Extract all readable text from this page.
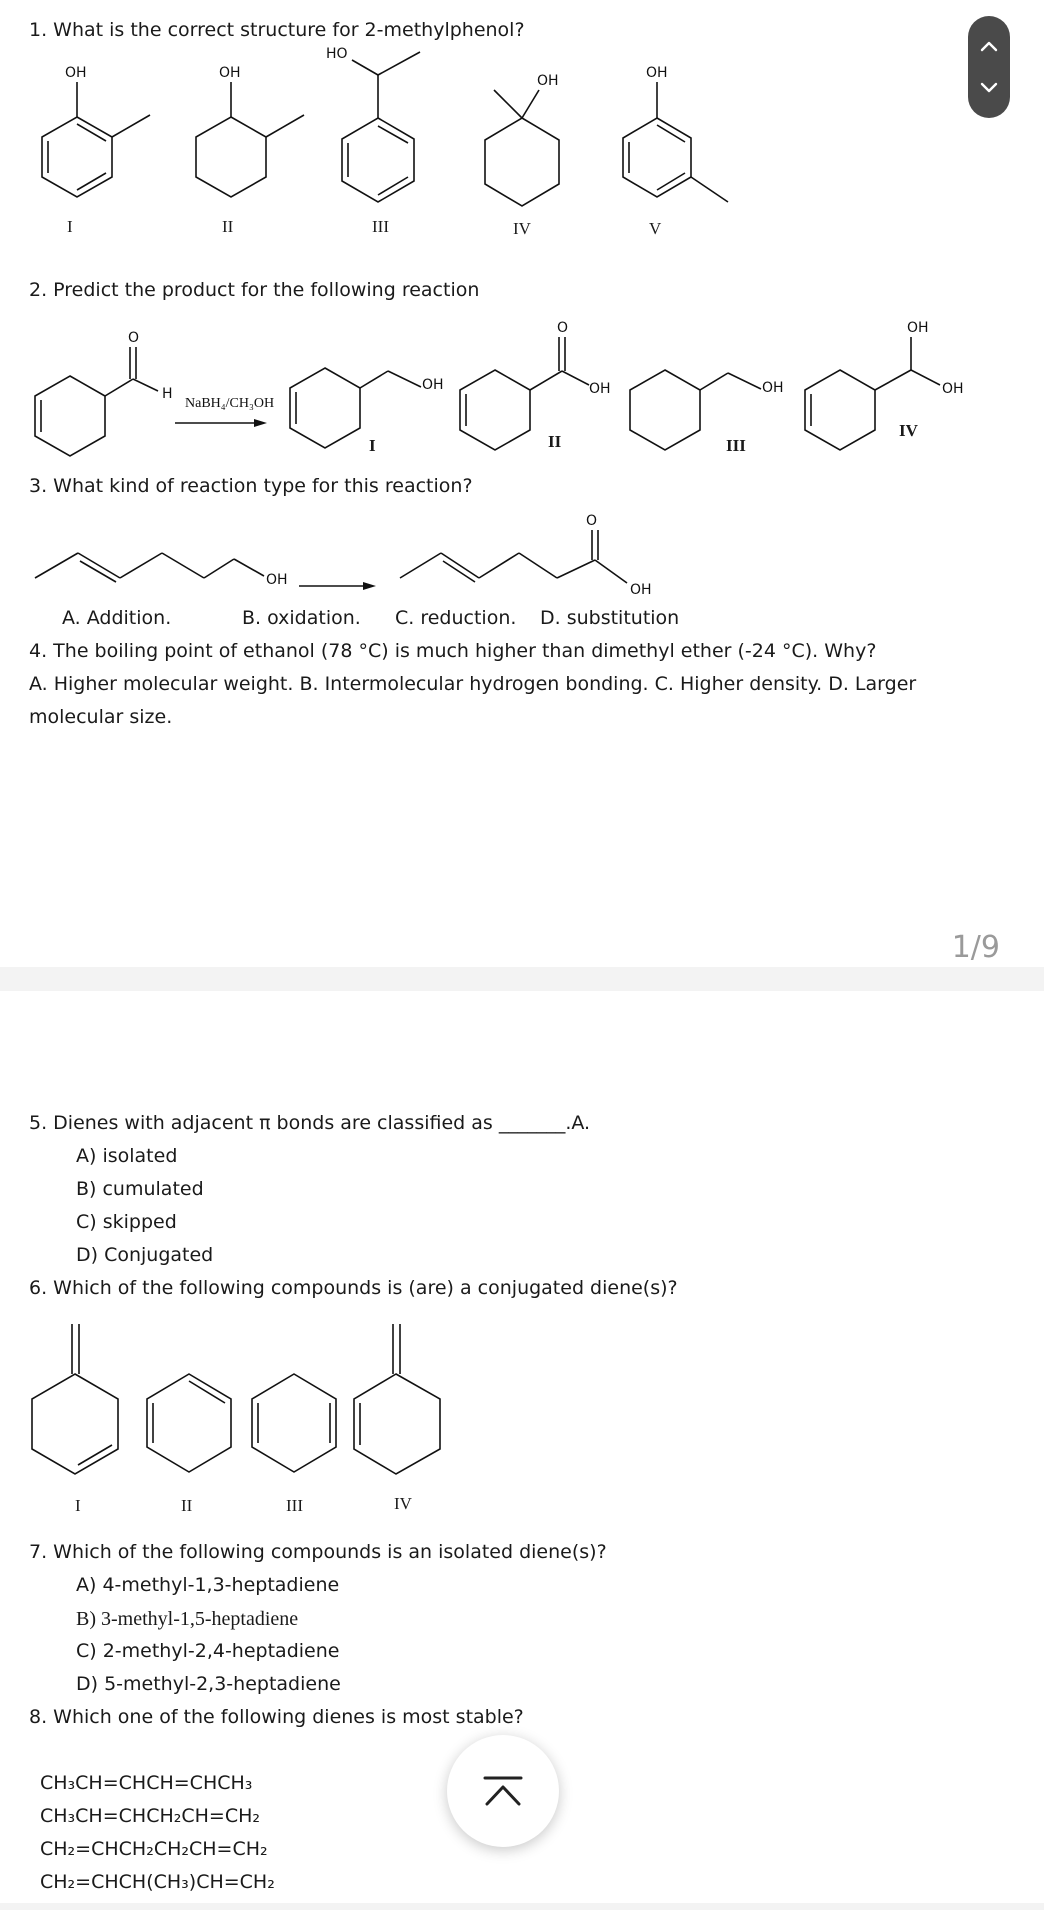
1. What is the correct structure for 2-methylphenol?
OH
I
OH
II
HO
III
OH
IV
OH
V
2. Predict the product for the following reaction
O
H
NaBH₄/CH₃OH
OH
I
O
OH
II
OH
III
OH
OH
IV
3. What kind of reaction type for this reaction?
OH
O
OH
A. Addition.	B. oxidation. C. reduction. D. substitution
4. The boiling point of ethanol (78 °C) is much higher than dimethyl ether (-24 °C). Why?
A. Higher molecular weight. B. Intermolecular hydrogen bonding. C. Higher density. D. Larger
molecular size.
1/9
5. Dienes with adjacent π bonds are classified as _______.A.
A) isolated
B) cumulated
C) skipped
D) Conjugated
6. Which of the following compounds is (are) a conjugated diene(s)?
I	II	III	IV
7. Which of the following compounds is an isolated diene(s)?
A) 4-methyl-1,3-heptadiene
B) 3-methyl-1,5-heptadiene
C) 2-methyl-2,4-heptadiene
D) 5-methyl-2,3-heptadiene
8. Which one of the following dienes is most stable?
CH₃CH=CHCH=CHCH₃
CH₃CH=CHCH₂CH=CH₂
CH₂=CHCH₂CH₂CH=CH₂
CH₂=CHCH(CH₃)CH=CH₂
